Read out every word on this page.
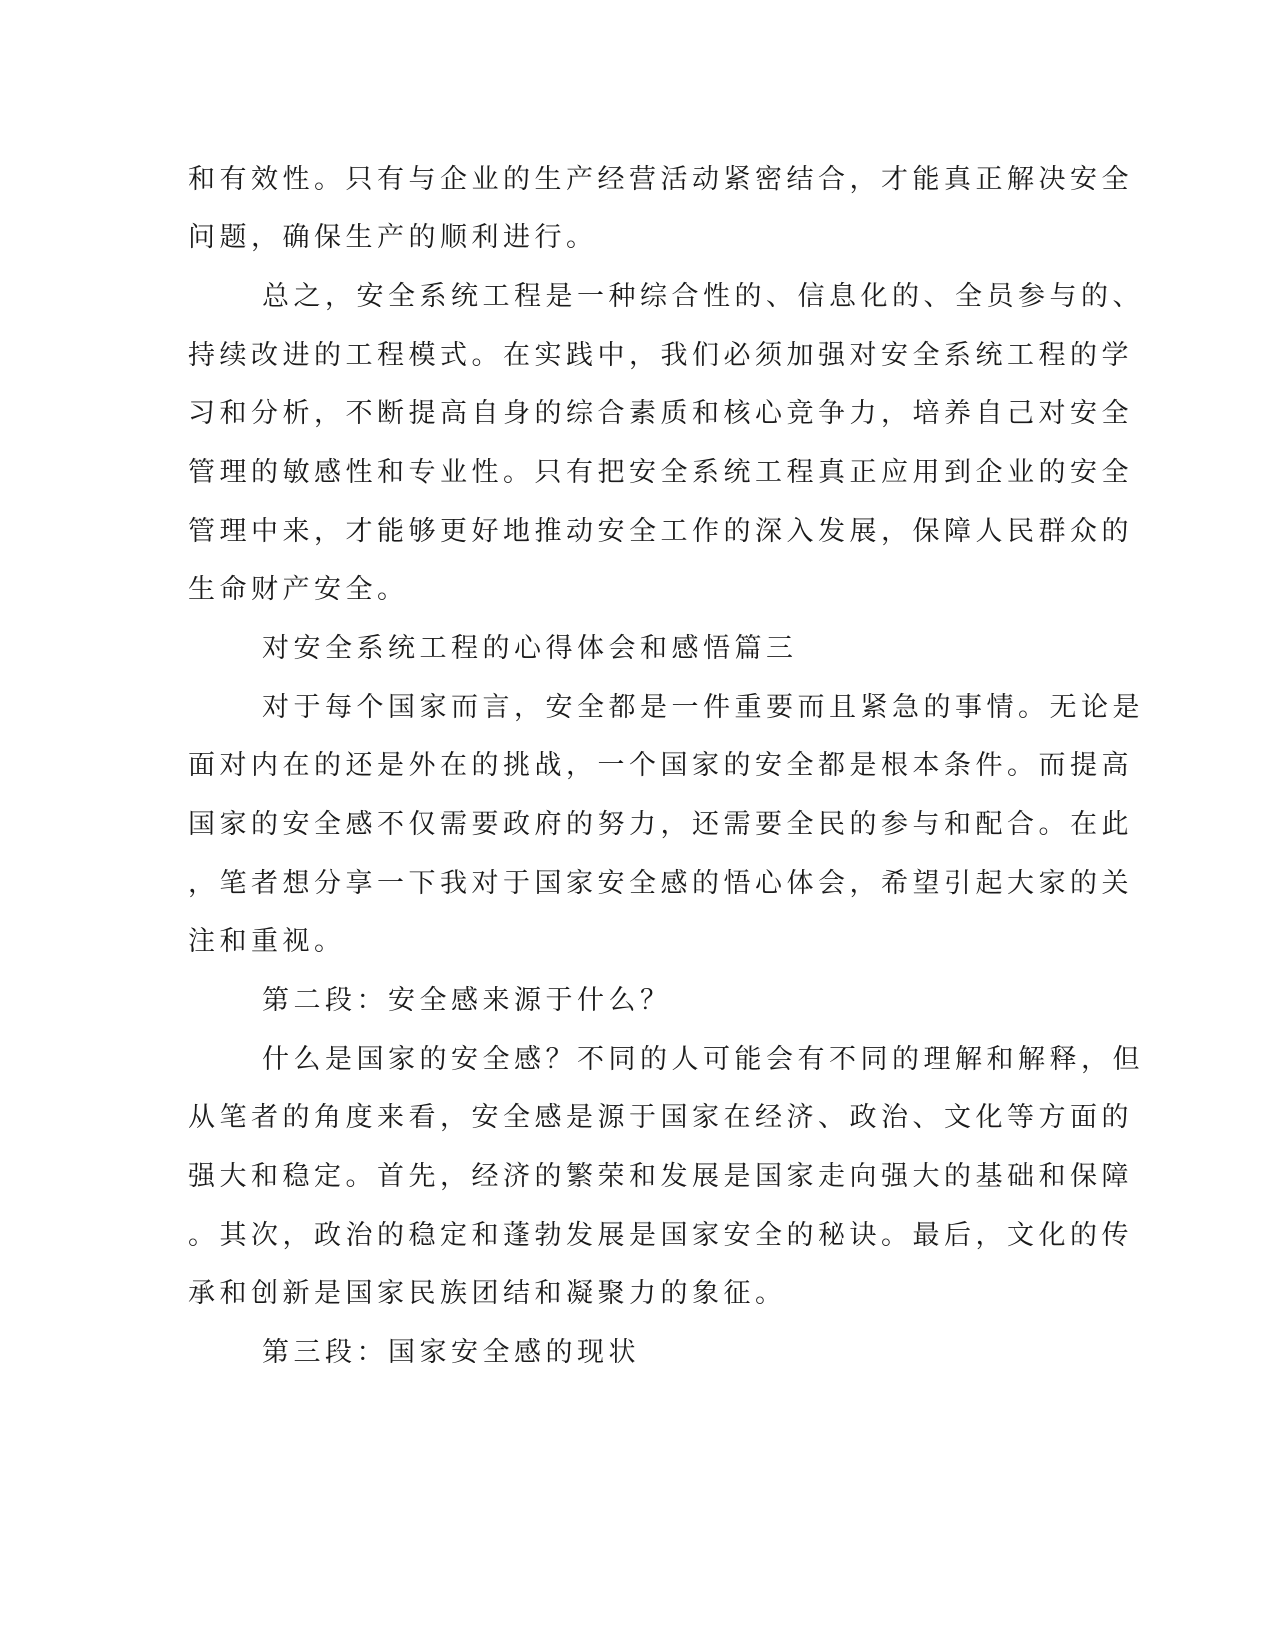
和有效性。只有与企业的生产经营活动紧密结合，才能真正解决安全
问题，确保生产的顺利进行。
总之，安全系统工程是一种综合性的、信息化的、全员参与的、
持续改进的工程模式。在实践中，我们必须加强对安全系统工程的学
习和分析，不断提高自身的综合素质和核心竞争力，培养自己对安全
管理的敏感性和专业性。只有把安全系统工程真正应用到企业的安全
管理中来，才能够更好地推动安全工作的深入发展，保障人民群众的
生命财产安全。
对安全系统工程的心得体会和感悟篇三
对于每个国家而言，安全都是一件重要而且紧急的事情。无论是
面对内在的还是外在的挑战，一个国家的安全都是根本条件。而提高
国家的安全感不仅需要政府的努力，还需要全民的参与和配合。在此
，笔者想分享一下我对于国家安全感的悟心体会，希望引起大家的关
注和重视。
第二段：安全感来源于什么？
什么是国家的安全感？不同的人可能会有不同的理解和解释，但
从笔者的角度来看，安全感是源于国家在经济、政治、文化等方面的
强大和稳定。首先，经济的繁荣和发展是国家走向强大的基础和保障
。其次，政治的稳定和蓬勃发展是国家安全的秘诀。最后，文化的传
承和创新是国家民族团结和凝聚力的象征。
第三段：国家安全感的现状
